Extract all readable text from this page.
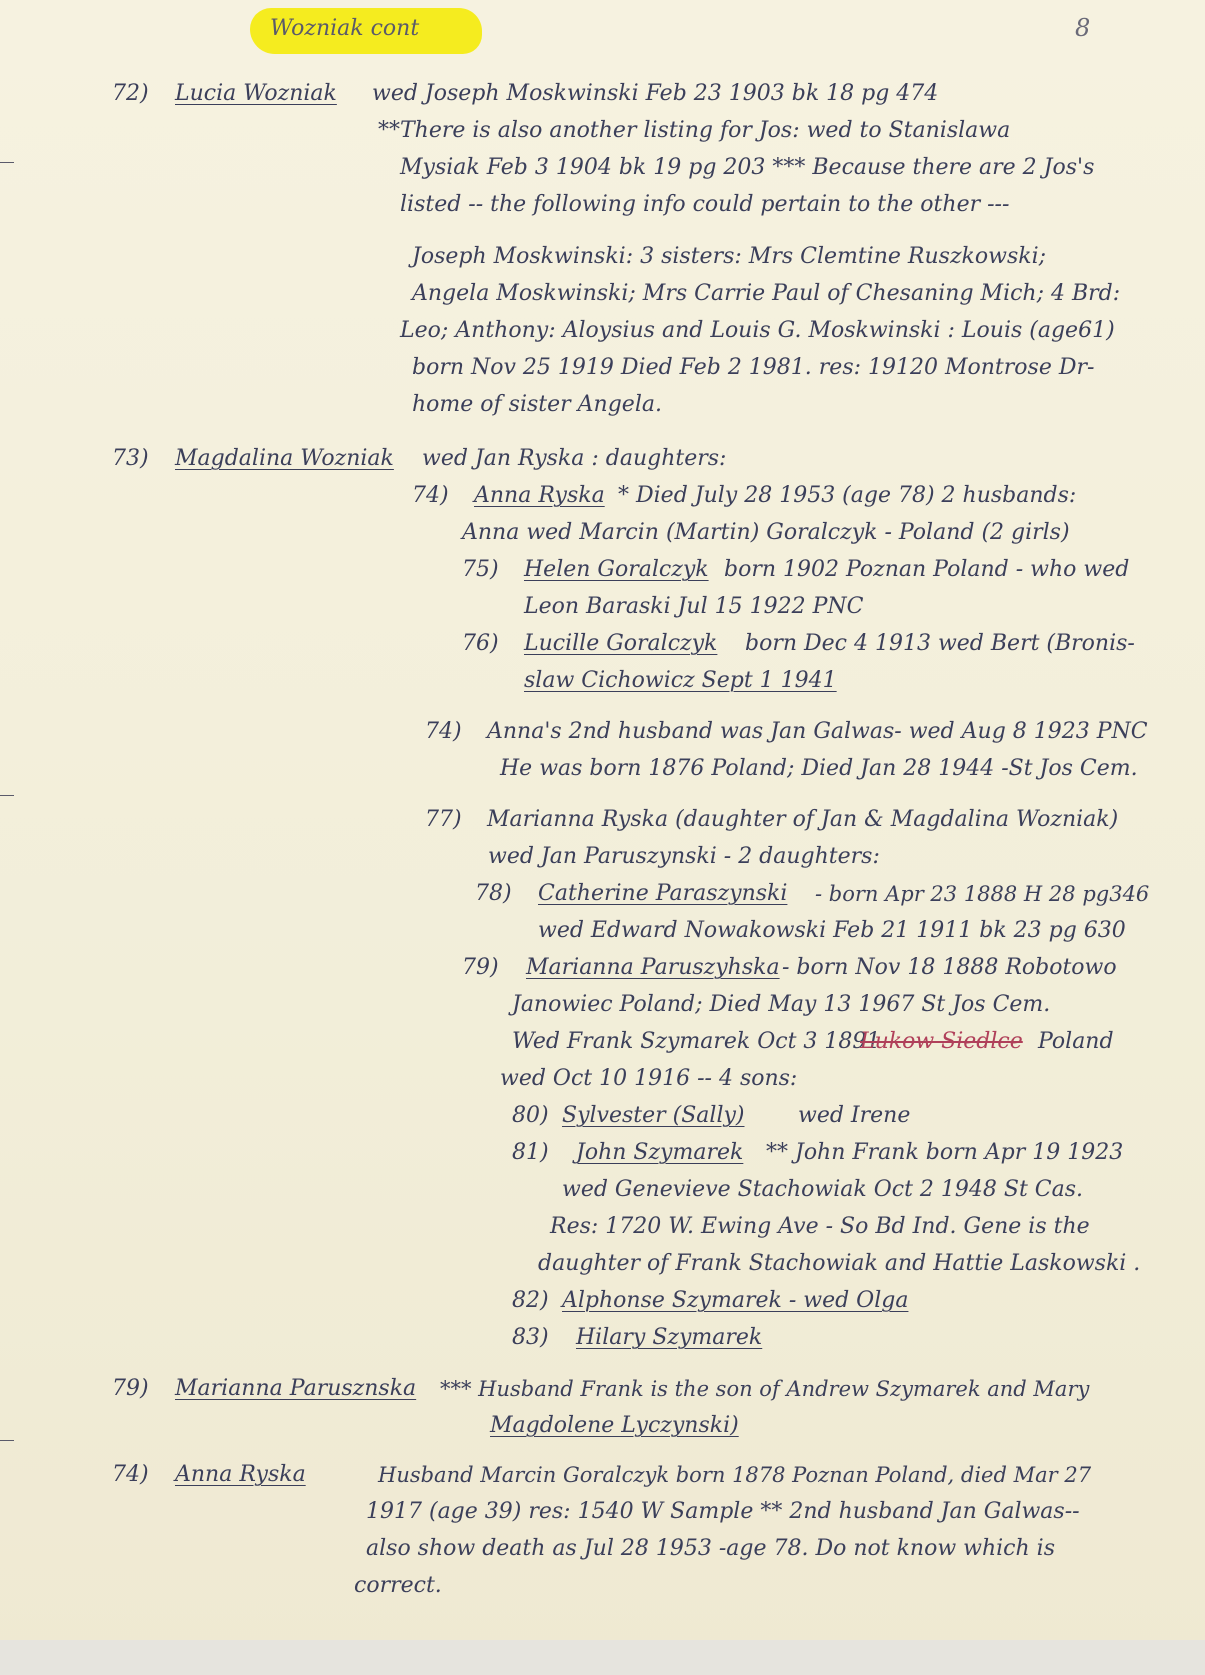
Wozniak cont	8
72) Lucia Wozniak wed Joseph Moskwinski Feb 23 1903 bk 18 pg 474
**There is also another listing for Jos: wed to Stanislawa
Mysiak Feb 3 1904 bk 19 pg 203 *** Because there are 2 Jos's
listed -- the following info could pertain to the other ---
Joseph Moskwinski: 3 sisters: Mrs Clemtine Ruszkowski;
Angela Moskwinski; Mrs Carrie Paul of Chesaning Mich; 4 Brd:
Leo; Anthony: Aloysius and Louis G. Moskwinski : Louis (age61)
born Nov 25 1919 Died Feb 2 1981. res: 19120 Montrose Dr-
home of sister Angela.
73) Magdalina Wozniak wed Jan Ryska : daughters:
74) Anna Ryska * Died July 28 1953 (age 78) 2 husbands:
Anna wed Marcin (Martin) Goralczyk - Poland (2 girls)
75) Helen Goralczyk born 1902 Poznan Poland - who wed
Leon Baraski Jul 15 1922 PNC
76) Lucille Goralczyk born Dec 4 1913 wed Bert (Bronis-
slaw Cichowicz Sept 1 1941
74) Anna's 2nd husband was Jan Galwas- wed Aug 8 1923 PNC
He was born 1876 Poland; Died Jan 28 1944 -St Jos Cem.
77) Marianna Ryska (daughter of Jan & Magdalina Wozniak)
wed Jan Paruszynski - 2 daughters:
78) Catherine Paraszynski - born Apr 23 1888 H 28 pg346
wed Edward Nowakowski Feb 21 1911 bk 23 pg 630
79) Marianna Paruszyhska - born Nov 18 1888 Robotowo
Janowiec Poland; Died May 13 1967 St Jos Cem.
Wed Frank Szymarek Oct 3 1891
Lukow Siedlce Poland
wed Oct 10 1916 -- 4 sons:
80) Sylvester (Sally) wed Irene
81) John Szymarek ** John Frank born Apr 19 1923
wed Genevieve Stachowiak Oct 2 1948 St Cas.
Res: 1720 W. Ewing Ave - So Bd Ind. Gene is the
daughter of Frank Stachowiak and Hattie Laskowski .
82) Alphonse Szymarek - wed Olga
83) Hilary Szymarek
79) Marianna Parusznska *** Husband Frank is the son of Andrew Szymarek and Mary
Magdolene Lyczynski)
74) Anna Ryska	Husband Marcin Goralczyk born 1878 Poznan Poland, died Mar 27
1917 (age 39) res: 1540 W Sample ** 2nd husband Jan Galwas--
also show death as Jul 28 1953 -age 78. Do not know which is
correct.
